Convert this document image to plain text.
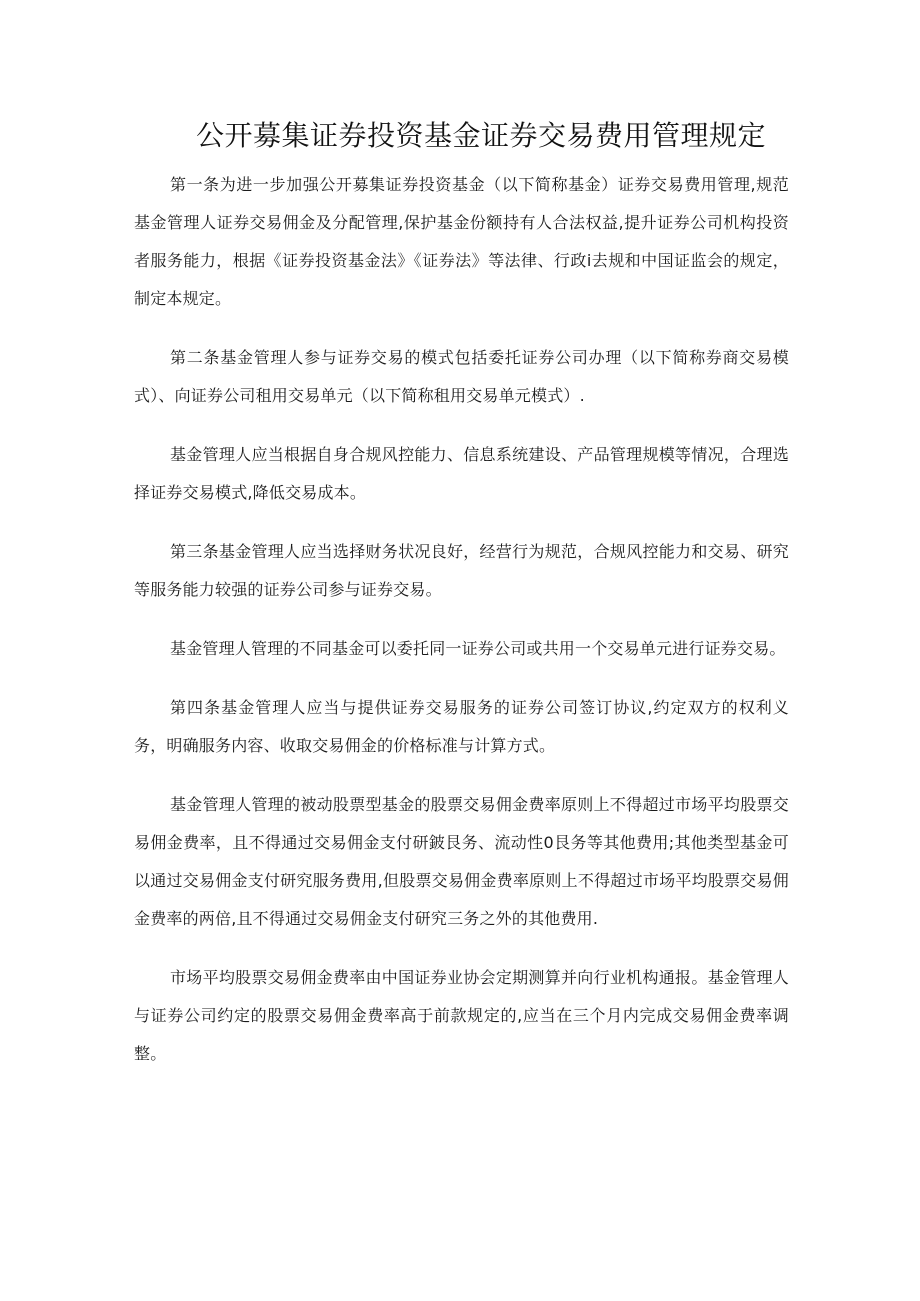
公开募集证券投资基金证券交易费用管理规定

第一条为进一步加强公开募集证券投资基金（以下简称基金）证券交易费用管理,规范基金管理人证券交易佣金及分配管理,保护基金份额持有人合法权益,提升证券公司机构投资者服务能力，根据《证券投资基金法》《证券法》等法律、行政i去规和中国证监会的规定，制定本规定。

第二条基金管理人参与证券交易的模式包括委托证券公司办理（以下简称券商交易模式）、向证券公司租用交易单元（以下简称租用交易单元模式）.

基金管理人应当根据自身合规风控能力、信息系统建设、产品管理规模等情况，合理选择证券交易模式,降低交易成本。

第三条基金管理人应当选择财务状况良好，经营行为规范，合规风控能力和交易、研究等服务能力较强的证券公司参与证券交易。

基金管理人管理的不同基金可以委托同一证券公司或共用一个交易单元进行证券交易。

第四条基金管理人应当与提供证券交易服务的证券公司签订协议,约定双方的权利义务，明确服务内容、收取交易佣金的价格标准与计算方式。

基金管理人管理的被动股票型基金的股票交易佣金费率原则上不得超过市场平均股票交易佣金费率，且不得通过交易佣金支付研鈹艮务、流动性0艮务等其他费用;其他类型基金可以通过交易佣金支付研究服务费用,但股票交易佣金费率原则上不得超过市场平均股票交易佣金费率的两倍,且不得通过交易佣金支付研究三务之外的其他费用.

市场平均股票交易佣金费率由中国证券业协会定期测算并向行业机构通报。基金管理人与证券公司约定的股票交易佣金费率高于前款规定的,应当在三个月内完成交易佣金费率调整。
